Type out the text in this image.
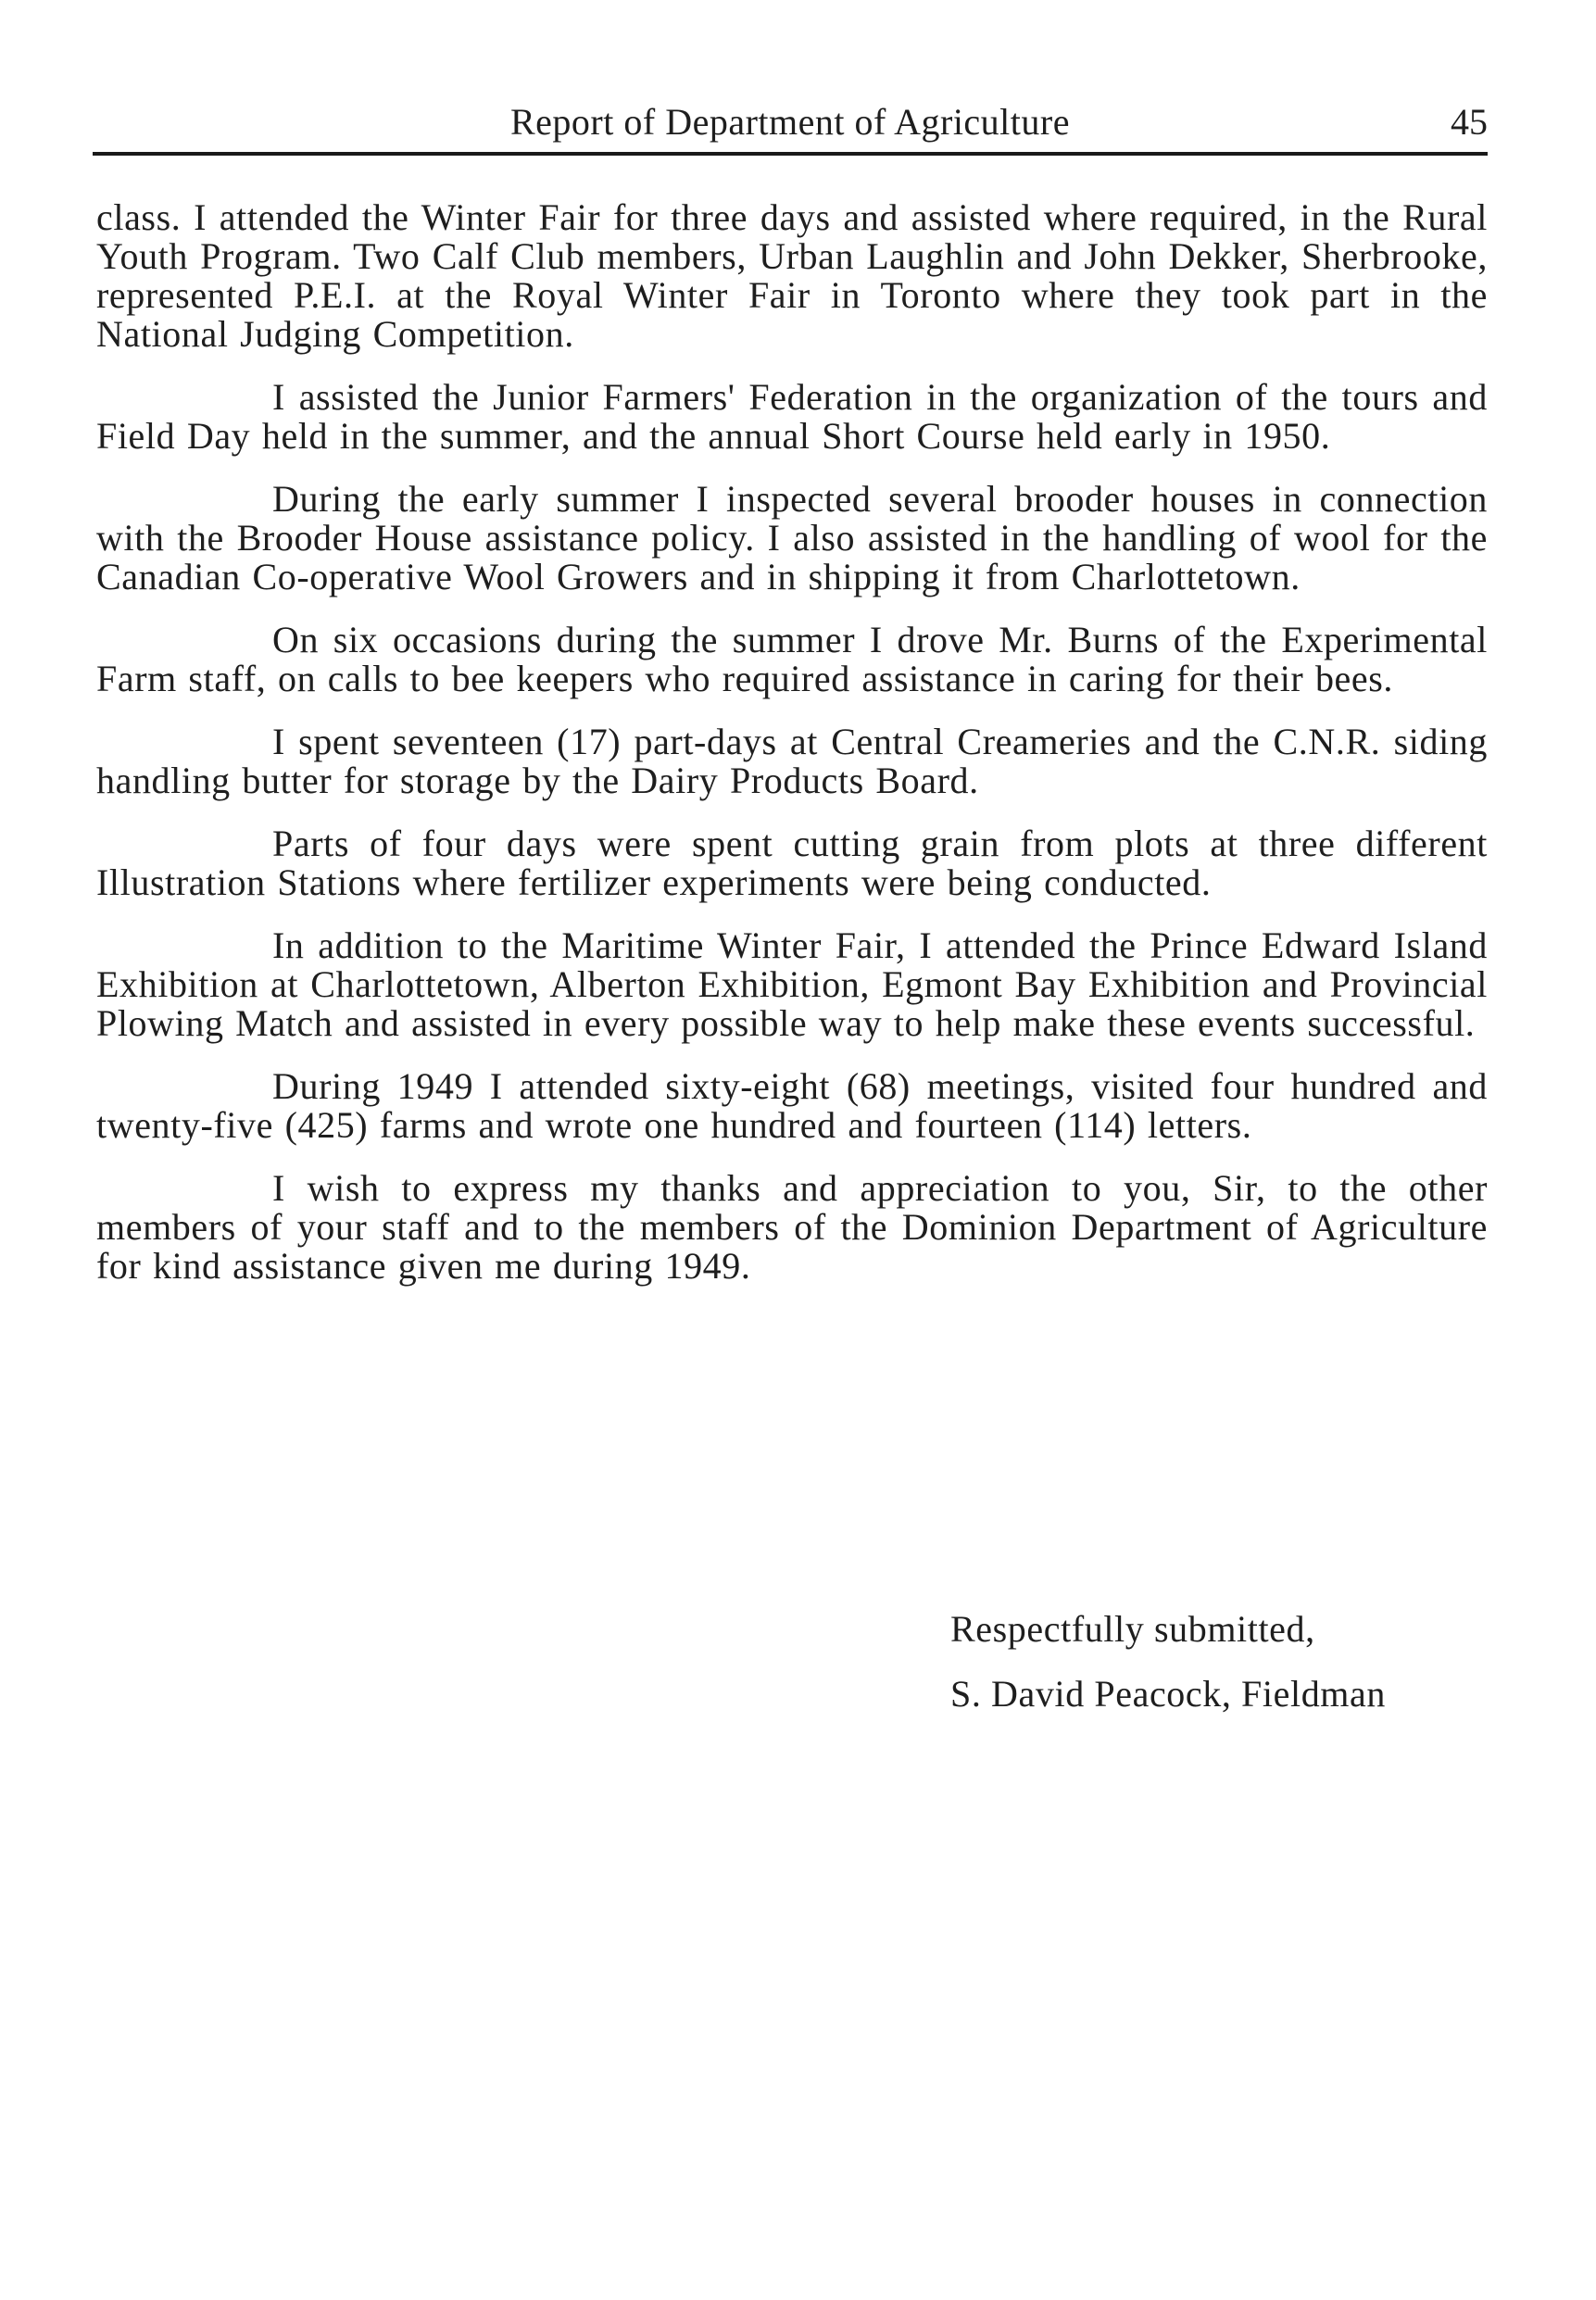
Report of Department of Agriculture	45

class. I attended the Winter Fair for three days and assisted where required, in the Rural Youth Program. Two Calf Club members, Urban Laughlin and John Dekker, Sherbrooke, represented P.E.I. at the Royal Winter Fair in Toronto where they took part in the National Judging Competition.

I assisted the Junior Farmers' Federation in the organization of the tours and Field Day held in the summer, and the annual Short Course held early in 1950.

During the early summer I inspected several brooder houses in connection with the Brooder House assistance policy. I also assisted in the handling of wool for the Canadian Co-operative Wool Growers and in shipping it from Charlottetown.

On six occasions during the summer I drove Mr. Burns of the Experimental Farm staff, on calls to bee keepers who required assistance in caring for their bees.

I spent seventeen (17) part-days at Central Creameries and the C.N.R. siding handling butter for storage by the Dairy Products Board.

Parts of four days were spent cutting grain from plots at three different Illustration Stations where fertilizer experiments were being conducted.

In addition to the Maritime Winter Fair, I attended the Prince Edward Island Exhibition at Charlottetown, Alberton Exhibition, Egmont Bay Exhibition and Provincial Plowing Match and assisted in every possible way to help make these events successful.

During 1949 I attended sixty-eight (68) meetings, visited four hundred and twenty-five (425) farms and wrote one hundred and fourteen (114) letters.

I wish to express my thanks and appreciation to you, Sir, to the other members of your staff and to the members of the Dominion Department of Agriculture for kind assistance given me during 1949.

Respectfully submitted,
S. David Peacock, Fieldman
